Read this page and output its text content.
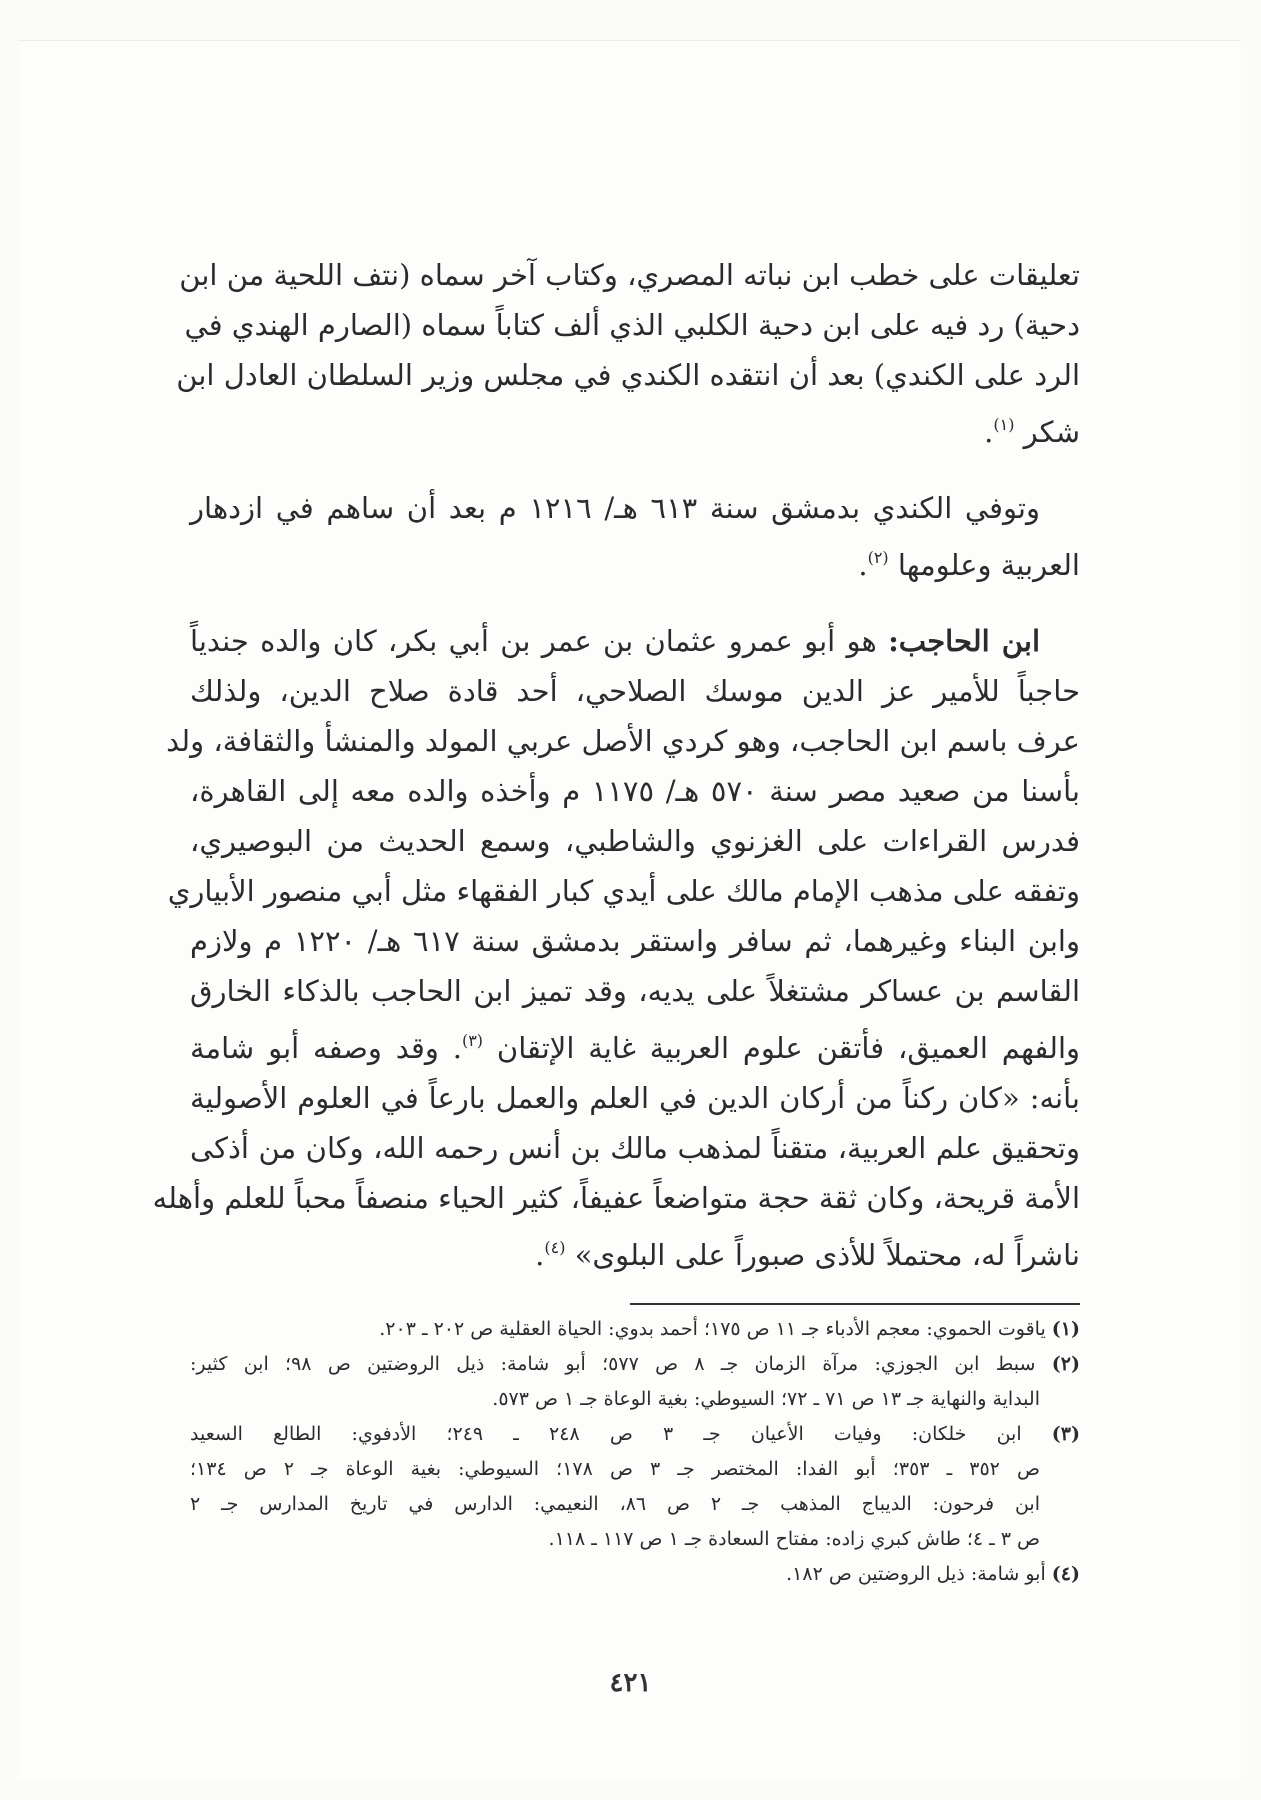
تعليقات على خطب ابن نباته المصري، وكتاب آخر سماه (نتف اللحية من ابن
دحية) رد فيه على ابن دحية الكلبي الذي ألف كتاباً سماه (الصارم الهندي في
الرد على الكندي) بعد أن انتقده الكندي في مجلس وزير السلطان العادل ابن
شكر $^{(١)}$.

وتوفي الكندي بدمشق سنة ٦١٣ هـ/ ١٢١٦ م بعد أن ساهم في ازدهار
العربية وعلومها $^{(٢)}$.

ابن الحاجب: هو أبو عمرو عثمان بن عمر بن أبي بكر، كان والده جندياً
حاجباً للأمير عز الدين موسك الصلاحي، أحد قادة صلاح الدين، ولذلك
عرف باسم ابن الحاجب، وهو كردي الأصل عربي المولد والمنشأ والثقافة، ولد
بأسنا من صعيد مصر سنة ٥٧٠ هـ/ ١١٧٥ م وأخذه والده معه إلى القاهرة،
فدرس القراءات على الغزنوي والشاطبي، وسمع الحديث من البوصيري،
وتفقه على مذهب الإمام مالك على أيدي كبار الفقهاء مثل أبي منصور الأبياري
وابن البناء وغيرهما، ثم سافر واستقر بدمشق سنة ٦١٧ هـ/ ١٢٢٠ م ولازم
القاسم بن عساكر مشتغلاً على يديه، وقد تميز ابن الحاجب بالذكاء الخارق
والفهم العميق، فأتقن علوم العربية غاية الإتقان $^{(٣)}$. وقد وصفه أبو شامة
بأنه: «كان ركناً من أركان الدين في العلم والعمل بارعاً في العلوم الأصولية
وتحقيق علم العربية، متقناً لمذهب مالك بن أنس رحمه الله، وكان من أذكى
الأمة قريحة، وكان ثقة حجة متواضعاً عفيفاً، كثير الحياء منصفاً محباً للعلم وأهله
ناشراً له، محتملاً للأذى صبوراً على البلوى» $^{(٤)}$.

(١) ياقوت الحموي: معجم الأدباء جـ ١١ ص ١٧٥؛ أحمد بدوي: الحياة العقلية ص ٢٠٢ ـ ٢٠٣.
(٢) سبط ابن الجوزي: مرآة الزمان جـ ٨ ص ٥٧٧؛ أبو شامة: ذيل الروضتين ص ٩٨؛ ابن كثير:
البداية والنهاية جـ ١٣ ص ٧١ ـ ٧٢؛ السيوطي: بغية الوعاة جـ ١ ص ٥٧٣.
(٣) ابن خلكان: وفيات الأعيان جـ ٣ ص ٢٤٨ ـ ٢٤٩؛ الأدفوي: الطالع السعيد
ص ٣٥٢ ـ ٣٥٣؛ أبو الفدا: المختصر جـ ٣ ص ١٧٨؛ السيوطي: بغية الوعاة جـ ٢ ص ١٣٤؛
ابن فرحون: الديباج المذهب جـ ٢ ص ٨٦، النعيمي: الدارس في تاريخ المدارس جـ ٢
ص ٣ ـ ٤؛ طاش كبري زاده: مفتاح السعادة جـ ١ ص ١١٧ ـ ١١٨.
(٤) أبو شامة: ذيل الروضتين ص ١٨٢.
٤٢١
